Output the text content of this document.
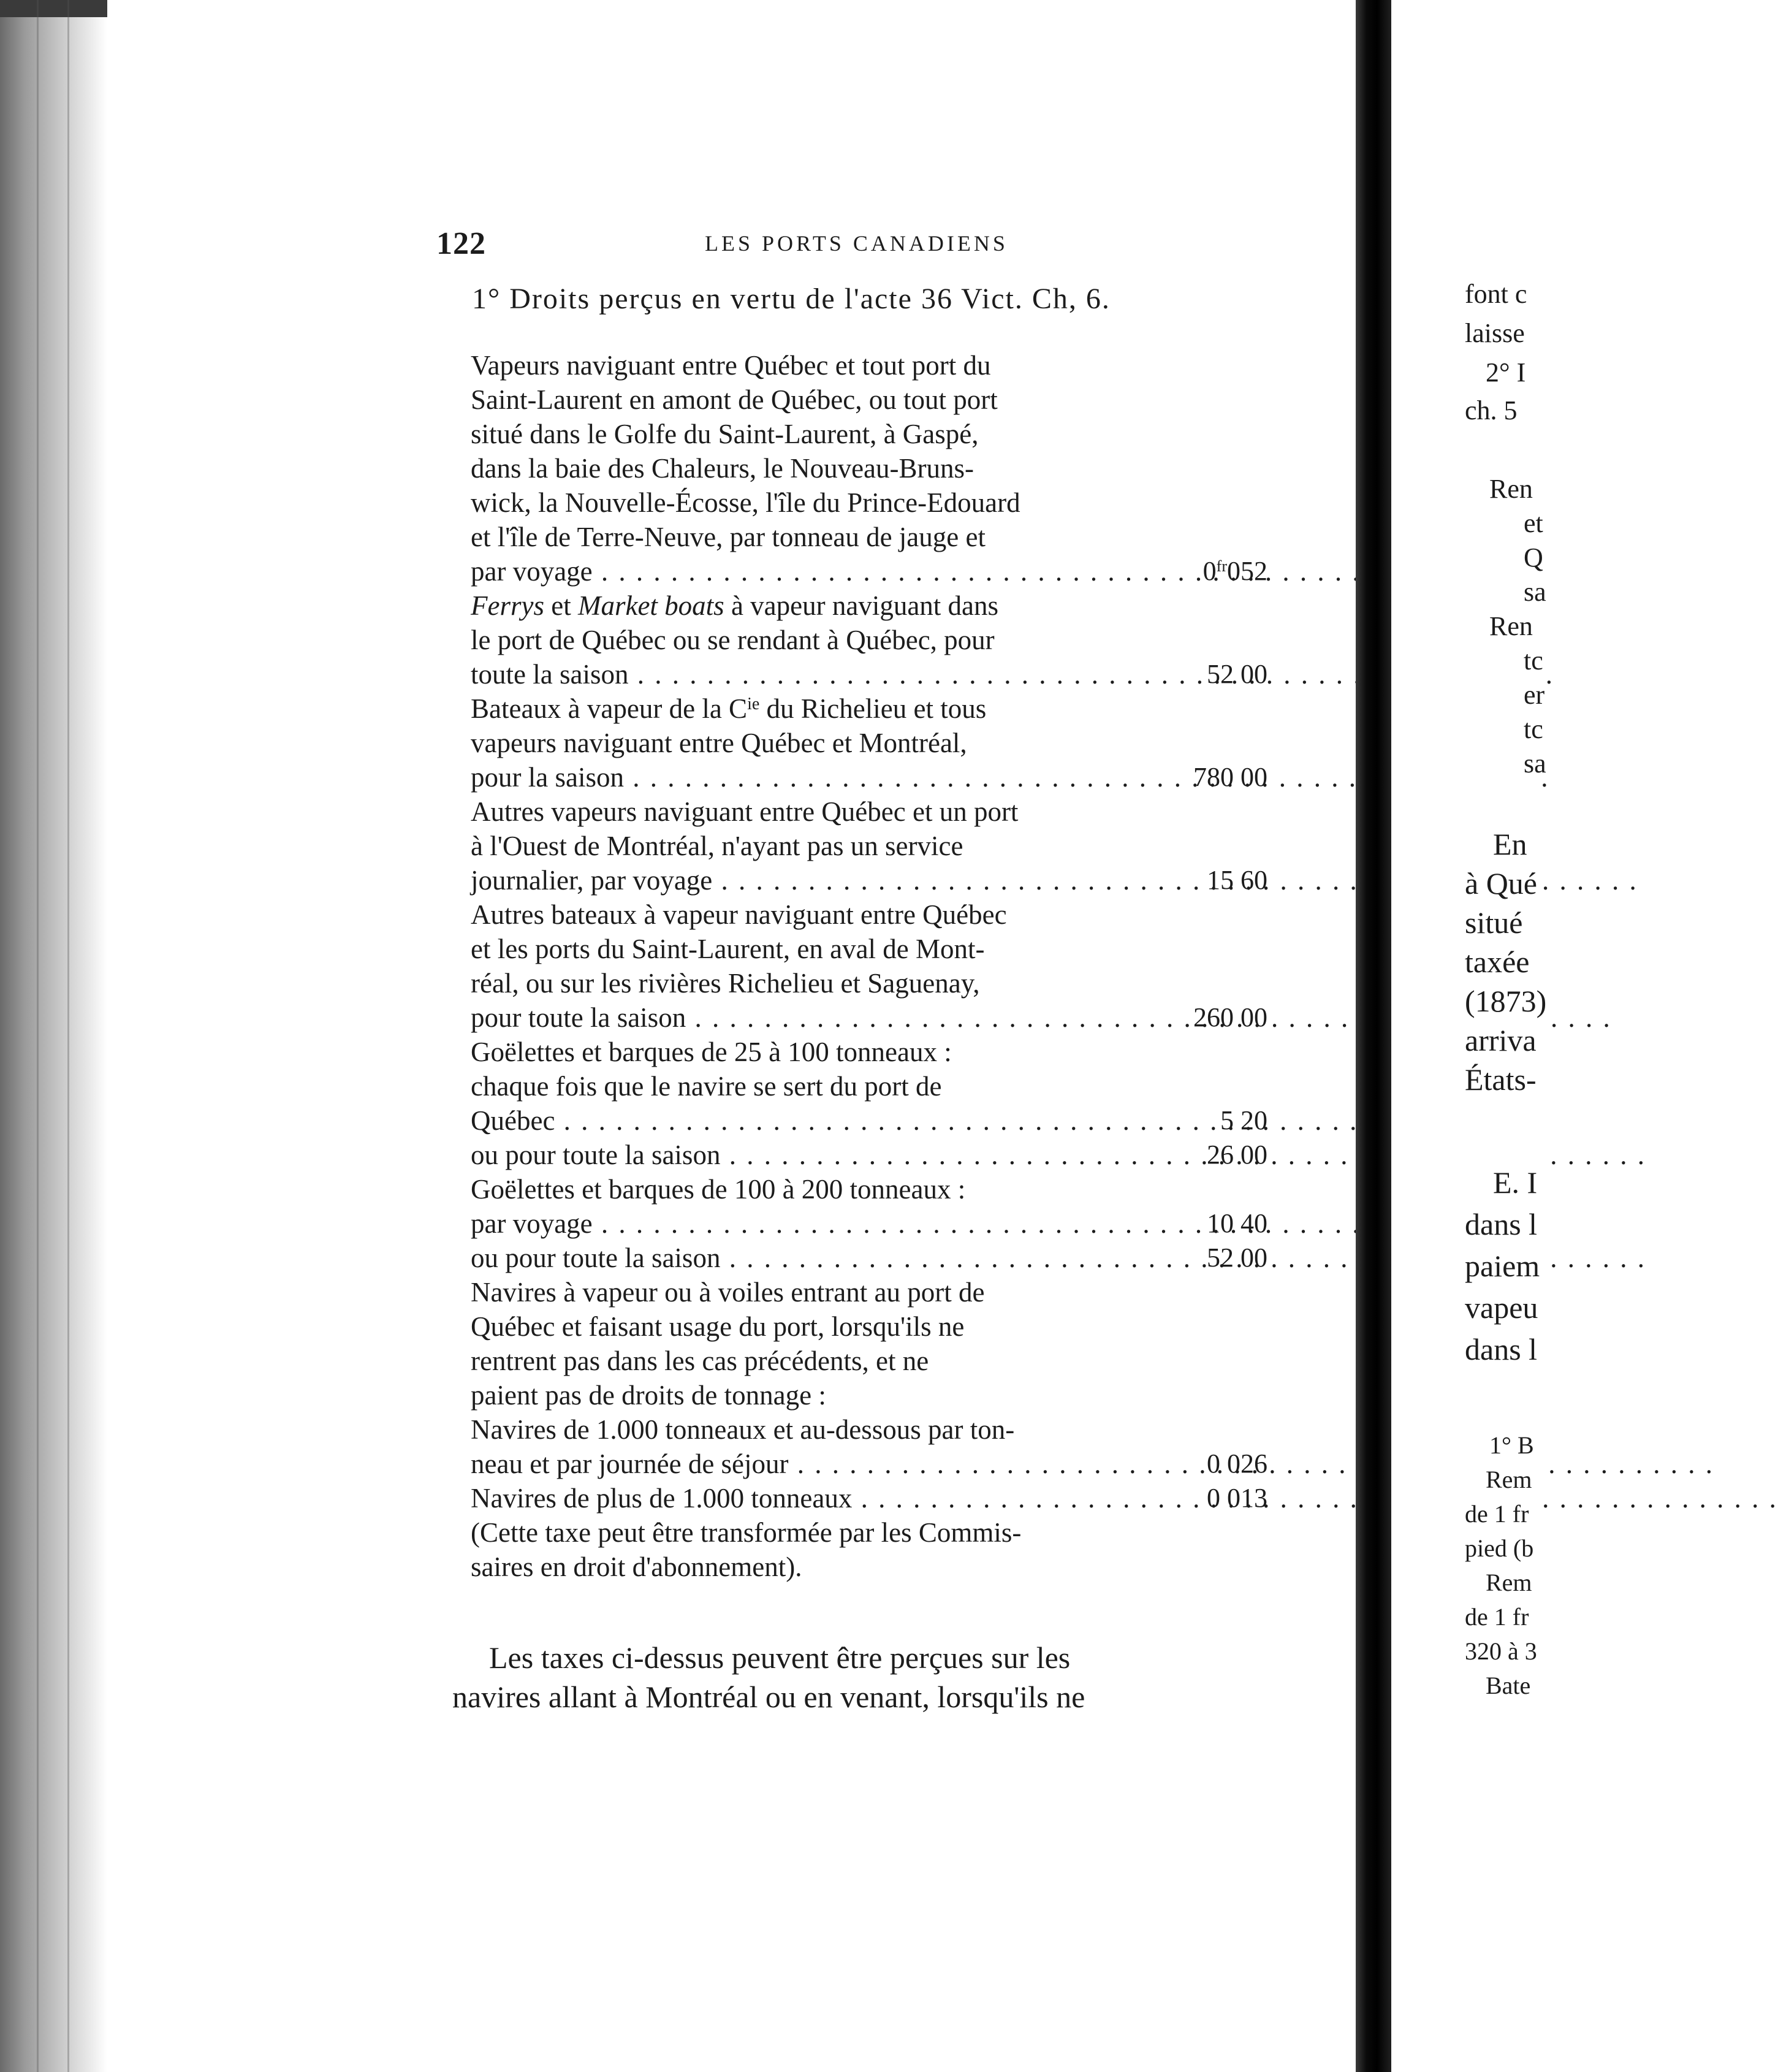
122	LES PORTS CANADIENS
1° Droits perçus en vertu de l'acte 36 Vict. Ch, 6.
Vapeurs naviguant entre Québec et tout port du
Saint-Laurent en amont de Québec, ou tout port
situé dans le Golfe du Saint-Laurent, à Gaspé,
dans la baie des Chaleurs, le Nouveau-Bruns-
wick, la Nouvelle-Écosse, l'île du Prince-Edouard
et l'île de Terre-Neuve, par tonneau de jauge et
par voyage . . .	$0^{fr}052$
Ferrys et Market boats à vapeur naviguant dans
le port de Québec ou se rendant à Québec, pour
toute la saison . . .	52 00
Bateaux à vapeur de la $C^{ie}$ du Richelieu et tous
vapeurs naviguant entre Québec et Montréal,
pour la saison . . .	780 00
Autres vapeurs naviguant entre Québec et un port
à l'Ouest de Montréal, n'ayant pas un service
journalier, par voyage . . .	15 60
Autres bateaux à vapeur naviguant entre Québec
et les ports du Saint-Laurent, en aval de Mont-
réal, ou sur les rivières Richelieu et Saguenay,
pour toute la saison . . .	260 00
Goëlettes et barques de 25 à 100 tonneaux :
chaque fois que le navire se sert du port de
Québec . . .	5 20
ou pour toute la saison . . .	26 00
Goëlettes et barques de 100 à 200 tonneaux :
par voyage . . .	10 40
ou pour toute la saison . . .	52 00
Navires à vapeur ou à voiles entrant au port de
Québec et faisant usage du port, lorsqu'ils ne
rentrent pas dans les cas précédents, et ne
paient pas de droits de tonnage :
Navires de 1.000 tonneaux et au-dessous par ton-
neau et par journée de séjour . . .	0 026
Navires de plus de 1.000 tonneaux . . .	0 013
(Cette taxe peut être transformée par les Commis-
saires en droit d'abonnement).
Les taxes ci-dessus peuvent être perçues sur les
navires allant à Montréal ou en venant, lorsqu'ils ne
font c
laisse
2° I
ch. 5
Ren
et
Q
sa
Ren
tc
er
tc
sa
En
à Qué
situé
taxée
(1873)
arriva
États-
E. I
dans l
paiem
vapeu
dans l
1° B
Rem
de 1 fr
pied (b
Rem
de 1 fr
320 à 3
Bate
